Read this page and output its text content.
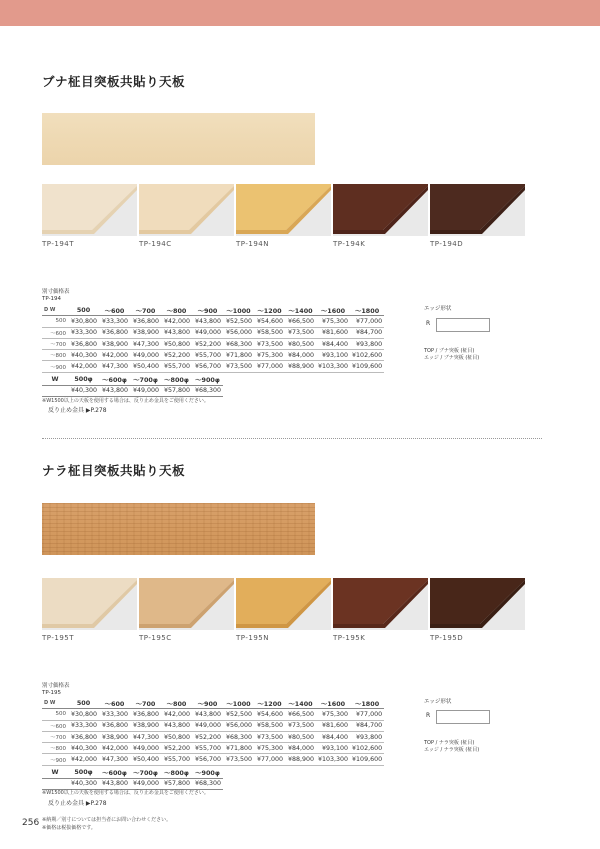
ブナ柾目突板共貼り天板
TP-194T	TP-194C	TP-194N	TP-194K	TP-194D
別寸価格表
TP-194
D W	500	〜600	〜700	〜800	〜900	〜1000	〜1200	〜1400	〜1600	〜1800
500	¥30,800	¥33,300	¥36,800	¥42,000	¥43,800	¥52,500	¥54,600	¥66,500	¥75,300	¥77,000
〜600	¥33,300	¥36,800	¥38,900	¥43,800	¥49,000	¥56,000	¥58,500	¥73,500	¥81,600	¥84,700
〜700	¥36,800	¥38,900	¥47,300	¥50,800	¥52,200	¥68,300	¥73,500	¥80,500	¥84,400	¥93,800
〜800	¥40,300	¥42,000	¥49,000	¥52,200	¥55,700	¥71,800	¥75,300	¥84,000	¥93,100	¥102,600
〜900	¥42,000	¥47,300	¥50,400	¥55,700	¥56,700	¥73,500	¥77,000	¥88,900	¥103,300	¥109,600
W	500φ	〜600φ	〜700φ	〜800φ	〜900φ
	¥40,300	¥43,800	¥49,000	¥57,800	¥68,300
※W1500以上の天板を使用する場合は、反り止め金具をご使用ください。
反り止め金具 ▶P.278
エッジ形状
R
TOP / ブナ突板 (柾目)
エッジ / ブナ突板 (柾目)
ナラ柾目突板共貼り天板
TP-195T	TP-195C	TP-195N	TP-195K	TP-195D
別寸価格表
TP-195
D W	500	〜600	〜700	〜800	〜900	〜1000	〜1200	〜1400	〜1600	〜1800
500	¥30,800	¥33,300	¥36,800	¥42,000	¥43,800	¥52,500	¥54,600	¥66,500	¥75,300	¥77,000
〜600	¥33,300	¥36,800	¥38,900	¥43,800	¥49,000	¥56,000	¥58,500	¥73,500	¥81,600	¥84,700
〜700	¥36,800	¥38,900	¥47,300	¥50,800	¥52,200	¥68,300	¥73,500	¥80,500	¥84,400	¥93,800
〜800	¥40,300	¥42,000	¥49,000	¥52,200	¥55,700	¥71,800	¥75,300	¥84,000	¥93,100	¥102,600
〜900	¥42,000	¥47,300	¥50,400	¥55,700	¥56,700	¥73,500	¥77,000	¥88,900	¥103,300	¥109,600
W	500φ	〜600φ	〜700φ	〜800φ	〜900φ
	¥40,300	¥43,800	¥49,000	¥57,800	¥68,300
※W1500以上の天板を使用する場合は、反り止め金具をご使用ください。
反り止め金具 ▶P.278
エッジ形状
R
TOP / ナラ突板 (柾目)
エッジ / ナラ突板 (柾目)
256 ※納期／別寸については担当者にお問い合わせください。
※価格は税抜価格です。
